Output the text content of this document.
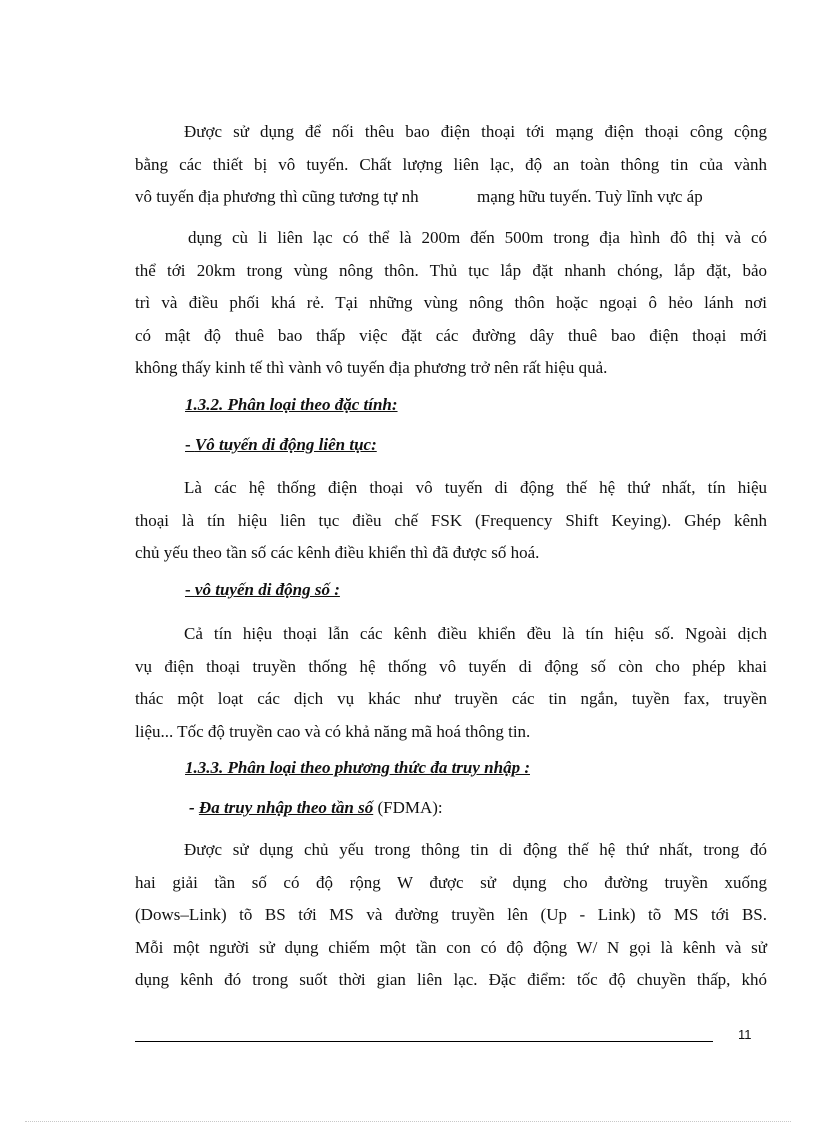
Được sử dụng để nối thêu bao điện thoại tới mạng điện thoại công cộng
bằng các thiết bị vô tuyến. Chất lượng liên lạc, độ an toàn thông tin của vành
vô tuyến địa phương thì cũng tương tự nh	mạng hữu tuyến. Tuỳ lĩnh vực áp
dụng cù li liên lạc có thể là 200m đến 500m trong địa hình đô thị và có
thể tới 20km trong vùng nông thôn. Thủ tục lắp đặt nhanh chóng, lắp đặt, bảo
trì và điều phối khá rẻ. Tại những vùng nông thôn hoặc ngoại ô hẻo lánh nơi
có mật độ thuê bao thấp việc đặt các đường dây thuê bao điện thoại mới
không thấy kinh tế thì vành vô tuyến địa phương trở nên rất hiệu quả.
1.3.2. Phân loại theo đặc tính:
- Vô tuyến di động liên tục:
Là các hệ thống điện thoại vô tuyến di động thế hệ thứ nhất, tín hiệu
thoại là tín hiệu liên tục điều chế FSK (Frequency Shift Keying). Ghép kênh
chủ yếu theo tần số các kênh điều khiển thì đã được số hoá.
- vô tuyến di động số :
Cả tín hiệu thoại lẫn các kênh điều khiển đều là tín hiệu số. Ngoài dịch
vụ điện thoại truyền thống hệ thống vô tuyến di động số còn cho phép khai
thác một loạt các dịch vụ khác như truyền các tin ngắn, tuyền fax, truyền
liệu... Tốc độ truyền cao và có khả năng mã hoá thông tin.
1.3.3. Phân loại theo phương thức đa truy nhập :
- Đa truy nhập theo tần số (FDMA):
Được sử dụng chủ yếu trong thông tin di động thế hệ thứ nhất, trong đó
hai giải tần số có độ rộng W được sử dụng cho đường truyền xuống
(Dows–Link) tõ BS tới MS và đường truyền lên (Up - Link) tõ MS tới BS.
Mỗi một người sử dụng chiếm một tần con có độ động W/ N gọi là kênh và sử
dụng kênh đó trong suốt thời gian liên lạc. Đặc điểm: tốc độ chuyền thấp, khó
11
